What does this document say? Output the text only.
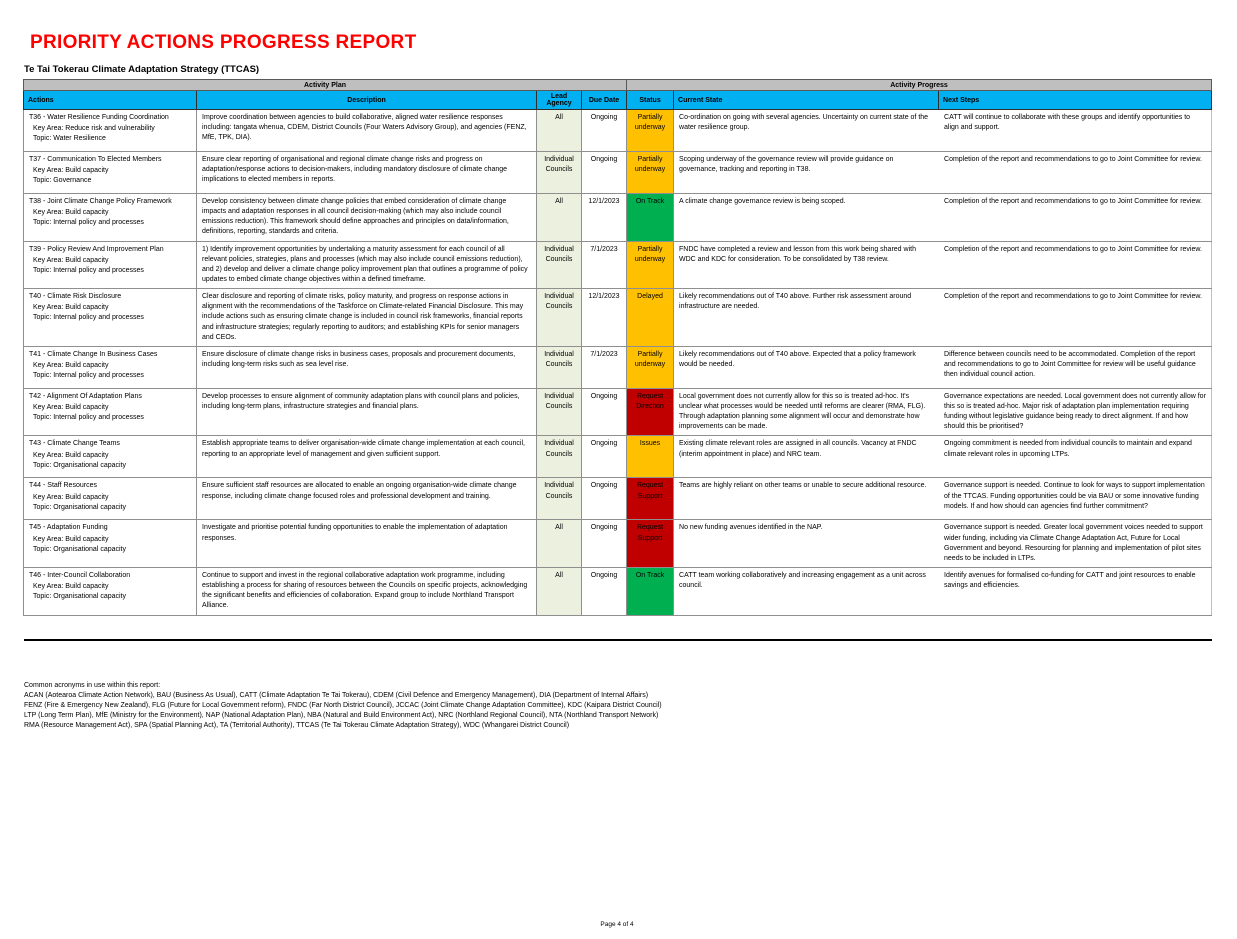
PRIORITY ACTIONS PROGRESS REPORT
Te Tai Tokerau Climate Adaptation Strategy (TTCAS)
Activity Plan				Activity Progress		
Actions	Description	Lead Agency	Due Date	Status	Current State	Next Steps

T36 - Water Resilience Funding Coordination
Key Area: Reduce risk and vulnerability
Topic: Water Resilience
	Improve coordination between agencies to build collaborative, aligned water resilience responses including: tangata whenua, CDEM, District Councils (Four Waters Advisory Group), and agencies (FENZ, MfE, TPK, DIA).	All	Ongoing	Partially underway	Co-ordination on going with several agencies. Uncertainty on current state of the water resilience group.	CATT will continue to collaborate with these groups and identify opportunities to align and support.

T37 - Communication To Elected Members
Key Area: Build capacity
Topic: Governance
	Ensure clear reporting of organisational and regional climate change risks and progress on adaptation/response actions to decision-makers, including mandatory disclosure of climate change implications to elected members in reports.	Individual Councils	Ongoing	Partially underway	Scoping underway of the governance review will provide guidance on governance, tracking and reporting in T38.	Completion of the report and recommendations to go to Joint Committee for review.

T38 - Joint Climate Change Policy Framework
Key Area: Build capacity
Topic: Internal policy and processes
	Develop consistency between climate change policies that embed consideration of climate change impacts and adaptation responses in all council decision-making (which may also include council emissions reduction). This framework should define approaches and principles on data/information, definitions, reporting, standards and criteria.	All	12/1/2023	On Track	A climate change governance review is being scoped.	Completion of the report and recommendations to go to Joint Committee for review.

T39 - Policy Review And Improvement Plan
Key Area: Build capacity
Topic: Internal policy and processes
	1) Identify improvement opportunities by undertaking a maturity assessment for each council of all relevant policies, strategies, plans and processes (which may also include council emissions reduction), and 2) develop and deliver a climate change policy improvement plan that outlines a programme of policy updates to embed climate change objectives within a defined timeframe.	Individual Councils	7/1/2023	Partially underway	FNDC have completed a review and lesson from this work being shared with WDC and KDC for consideration. To be consolidated by T38 review.	Completion of the report and recommendations to go to Joint Committee for review.

T40 - Climate Risk Disclosure
Key Area: Build capacity
Topic: Internal policy and processes
	Clear disclosure and reporting of climate risks, policy maturity, and progress on response actions in alignment with the recommendations of the Taskforce on Climate-related Financial Disclosure. This may include actions such as ensuring climate change is included in council risk frameworks, financial reports and infrastructure strategies; regularly reporting to auditors; and establishing KPIs for senior managers and CEOs.	Individual Councils	12/1/2023	Delayed	Likely recommendations out of T40 above. Further risk assessment around infrastructure are needed.	Completion of the report and recommendations to go to Joint Committee for review.

T41 - Climate Change In Business Cases
Key Area: Build capacity
Topic: Internal policy and processes	Ensure disclosure of climate change risks in business cases, proposals and procurement documents, including long-term risks such as sea level rise.	Individual Councils	7/1/2023	Partially underway	Likely recommendations out of T40 above. Expected that a policy framework would be needed.	Difference between councils need to be accommodated. Completion of the report and recommendations to go to Joint Committee for review will be useful guidance then individual council action.

T42 - Alignment Of Adaptation Plans
Key Area: Build capacity
Topic: Internal policy and processes
	Develop processes to ensure alignment of community adaptation plans with council plans and policies, including long-term plans, infrastructure strategies and financial plans.	Individual Councils	Ongoing	Request Direction	Local government does not currently allow for this so is treated ad-hoc. It's unclear what processes would be needed until reforms are clearer (RMA, FLG). Through adaptation planning some alignment will occur and demonstrate how improvements can be made.	Governance expectations are needed. Local government does not currently allow for this so is treated ad-hoc. Major risk of adaptation plan implementation requiring funding without legislative guidance being ready to direct alignment. If and how should this be prioritised?

T43 - Climate Change Teams
Key Area: Build capacity
Topic: Organisational capacity	Establish appropriate teams to deliver organisation-wide climate change implementation at each council, reporting to an appropriate level of management and given sufficient support.	Individual Councils	Ongoing	Issues	Existing climate relevant roles are assigned in all councils. Vacancy at FNDC (interim appointment in place) and NRC team.	Ongoing commitment is needed from individual councils to maintain and expand climate relevant roles in upcoming LTPs.

T44 - Staff Resources
Key Area: Build capacity
Topic: Organisational capacity
	Ensure sufficient staff resources are allocated to enable an ongoing organisation-wide climate change response, including climate change focused roles and professional development and training.	Individual Councils	Ongoing	Request Support	Teams are highly reliant on other teams or unable to secure additional resource.	Governance support is needed. Continue to look for ways to support implementation of the TTCAS. Funding opportunities could be via BAU or some innovative funding models. If and how should can agencies find further commitment?

T45 - Adaptation Funding
Key Area: Build capacity
Topic: Organisational capacity
	Investigate and prioritise potential funding opportunities to enable the implementation of adaptation responses.	All	Ongoing	Request Support	No new funding avenues identified in the NAP.	Governance support is needed. Greater local government voices needed to support wider funding, including via Climate Change Adaptation Act, Future for Local Government and beyond. Resourcing for planning and implementation of pilot sites needs to be included in LTPs.

T46 - Inter-Council Collaboration
Key Area: Build capacity
Topic: Organisational capacity
	Continue to support and invest in the regional collaborative adaptation work programme, including establishing a process for sharing of resources between the Councils on specific projects, acknowledging the significant benefits and efficiencies of collaboration. Expand group to include Northland Transport Alliance.	All	Ongoing	On Track	CATT team working collaboratively and increasing engagement as a unit across council.	Identify avenues for formalised co-funding for CATT and joint resources to enable savings and efficiencies.

Common acronyms in use within this report:
ACAN (Aotearoa Climate Action Network), BAU (Business As Usual), CATT (Climate Adaptation Te Tai Tokerau), CDEM (Civil Defence and Emergency Management), DIA (Department of Internal Affairs)
FENZ (Fire & Emergency New Zealand), FLG (Future for Local Government reform), FNDC (Far North District Council), JCCAC (Joint Climate Change Adaptation Committee), KDC (Kaipara District Council)
LTP (Long Term Plan), MfE (Ministry for the Environment), NAP (National Adaptation Plan), NBA (Natural and Build Environment Act), NRC (Northland Regional Council), NTA (Northland Transport Network)
RMA (Resource Management Act), SPA (Spatial Planning Act), TA (Territorial Authority), TTCAS (Te Tai Tokerau Climate Adaptation Strategy), WDC (Whangarei District Council)
Page 4 of 4
